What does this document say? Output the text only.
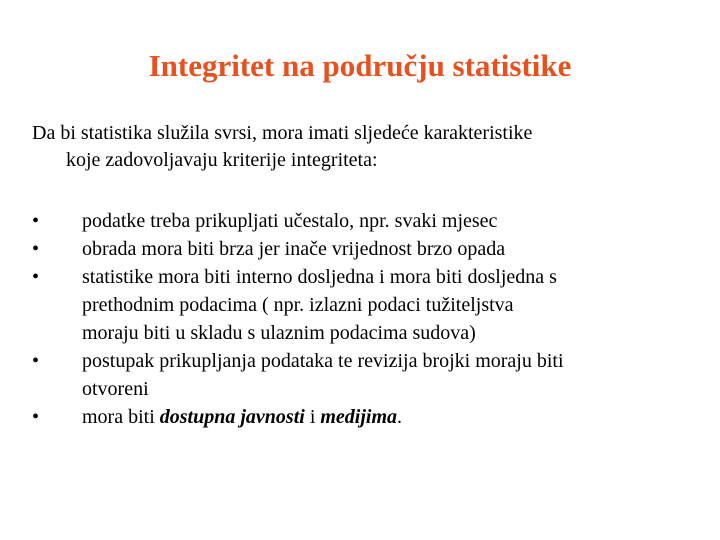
Integritet na području statistike
Da bi statistika služila svrsi, mora imati sljedeće karakteristike
koje zadovoljavaju kriterije integriteta:
• podatke treba prikupljati učestalo, npr. svaki mjesec
• obrada mora biti brza jer inače vrijednost brzo opada
• statistike mora biti interno dosljedna i mora biti dosljedna s
prethodnim podacima ( npr. izlazni podaci tužiteljstva
moraju biti u skladu s ulaznim podacima sudova)
• postupak prikupljanja podataka te revizija brojki moraju biti
otvoreni
• mora biti dostupna javnosti i medijima.
